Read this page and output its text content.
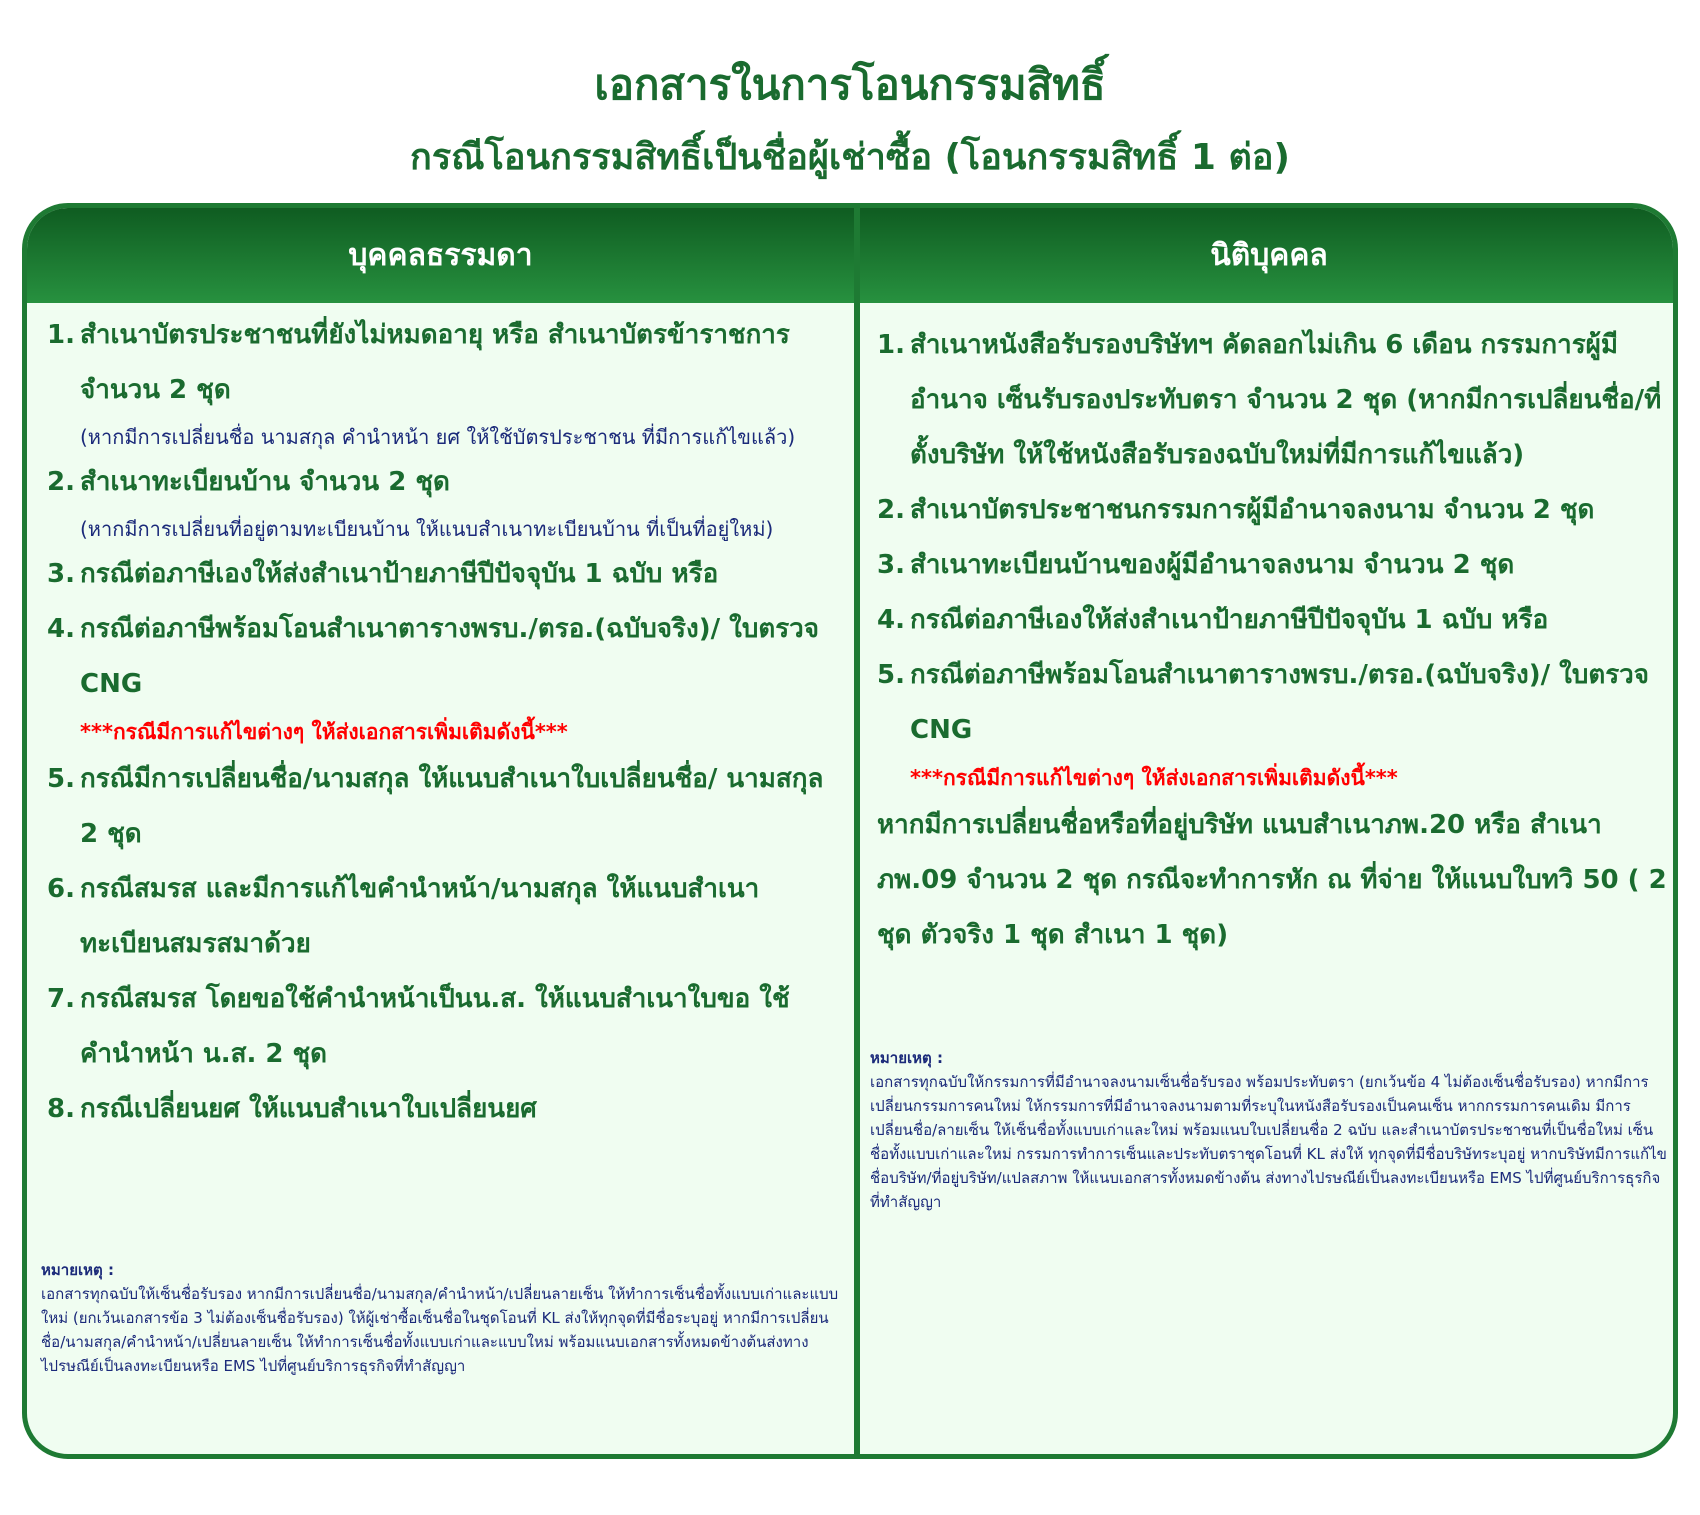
เอกสารในการโอนกรรมสิทธิ์
กรณีโอนกรรมสิทธิ์เป็นชื่อผู้เช่าซื้อ (โอนกรรมสิทธิ์ 1 ต่อ)
บุคคลธรรมดา	นิติบุคคล
1. สำเนาบัตรประชาชนที่ยังไม่หมดอายุ หรือ สำเนาบัตรข้าราชการ จำนวน 2 ชุด
(หากมีการเปลี่ยนชื่อ นามสกุล คำนำหน้า ยศ ให้ใช้บัตรประชาชน ที่มีการแก้ไขแล้ว)
2. สำเนาทะเบียนบ้าน จำนวน 2 ชุด
(หากมีการเปลี่ยนที่อยู่ตามทะเบียนบ้าน ให้แนบสำเนาทะเบียนบ้าน ที่เป็นที่อยู่ใหม่)
3. กรณีต่อภาษีเองให้ส่งสำเนาป้ายภาษีปีปัจจุบัน 1 ฉบับ หรือ
4. กรณีต่อภาษีพร้อมโอนสำเนาตารางพรบ./ตรอ.(ฉบับจริง)/ ใบตรวจ CNG
***กรณีมีการแก้ไขต่างๆ ให้ส่งเอกสารเพิ่มเติมดังนี้***
5. กรณีมีการเปลี่ยนชื่อ/นามสกุล ให้แนบสำเนาใบเปลี่ยนชื่อ/ นามสกุล 2 ชุด
6. กรณีสมรส และมีการแก้ไขคำนำหน้า/นามสกุล ให้แนบสำเนาทะเบียนสมรสมาด้วย
7. กรณีสมรส โดยขอใช้คำนำหน้าเป็นน.ส. ให้แนบสำเนาใบขอ ใช้คำนำหน้า น.ส. 2 ชุด
8. กรณีเปลี่ยนยศ ให้แนบสำเนาใบเปลี่ยนยศ
หมายเหตุ :
เอกสารทุกฉบับให้เซ็นชื่อรับรอง หากมีการเปลี่ยนชื่อ/นามสกุล/คำนำหน้า/เปลี่ยนลายเซ็น ให้ทำการเซ็นชื่อทั้งแบบเก่าและแบบใหม่ (ยกเว้นเอกสารข้อ 3 ไม่ต้องเซ็นชื่อรับรอง) ให้ผู้เช่าซื้อเซ็นชื่อในชุดโอนที่ KL ส่งให้ทุกจุดที่มีชื่อระบุอยู่ หากมีการเปลี่ยนชื่อ/นามสกุล/คำนำหน้า/เปลี่ยนลายเซ็น ให้ทำการเซ็นชื่อทั้งแบบเก่าและแบบใหม่ พร้อมแนบเอกสารทั้งหมดข้างต้นส่งทางไปรษณีย์เป็นลงทะเบียนหรือ EMS ไปที่ศูนย์บริการธุรกิจที่ทำสัญญา
1. สำเนาหนังสือรับรองบริษัทฯ คัดลอกไม่เกิน 6 เดือน กรรมการผู้มีอำนาจ เซ็นรับรองประทับตรา จำนวน 2 ชุด (หากมีการเปลี่ยนชื่อ/ที่ตั้งบริษัท ให้ใช้หนังสือรับรองฉบับใหม่ที่มีการแก้ไขแล้ว)
2. สำเนาบัตรประชาชนกรรมการผู้มีอำนาจลงนาม จำนวน 2 ชุด
3. สำเนาทะเบียนบ้านของผู้มีอำนาจลงนาม จำนวน 2 ชุด
4. กรณีต่อภาษีเองให้ส่งสำเนาป้ายภาษีปีปัจจุบัน 1 ฉบับ หรือ
5. กรณีต่อภาษีพร้อมโอนสำเนาตารางพรบ./ตรอ.(ฉบับจริง)/ ใบตรวจ CNG
***กรณีมีการแก้ไขต่างๆ ให้ส่งเอกสารเพิ่มเติมดังนี้***
หากมีการเปลี่ยนชื่อหรือที่อยู่บริษัท แนบสำเนาภพ.20 หรือ สำเนาภพ.09 จำนวน 2 ชุด กรณีจะทำการหัก ณ ที่จ่าย ให้แนบใบทวิ 50 ( 2 ชุด ตัวจริง 1 ชุด สำเนา 1 ชุด)
หมายเหตุ :
เอกสารทุกฉบับให้กรรมการที่มีอำนาจลงนามเซ็นชื่อรับรอง พร้อมประทับตรา (ยกเว้นข้อ 4 ไม่ต้องเซ็นชื่อรับรอง) หากมีการเปลี่ยนกรรมการคนใหม่ ให้กรรมการที่มีอำนาจลงนามตามที่ระบุในหนังสือรับรองเป็นคนเซ็น หากกรรมการคนเดิม มีการเปลี่ยนชื่อ/ลายเซ็น ให้เซ็นชื่อทั้งแบบเก่าและใหม่ พร้อมแนบใบเปลี่ยนชื่อ 2 ฉบับ และสำเนาบัตรประชาชนที่เป็นชื่อใหม่ เซ็นชื่อทั้งแบบเก่าและใหม่ กรรมการทำการเซ็นและประทับตราชุดโอนที่ KL ส่งให้ ทุกจุดที่มีชื่อบริษัทระบุอยู่ หากบริษัทมีการแก้ไขชื่อบริษัท/ที่อยู่บริษัท/แปลสภาพ ให้แนบเอกสารทั้งหมดข้างต้น ส่งทางไปรษณีย์เป็นลงทะเบียนหรือ EMS ไปที่ศูนย์บริการธุรกิจที่ทำสัญญา
